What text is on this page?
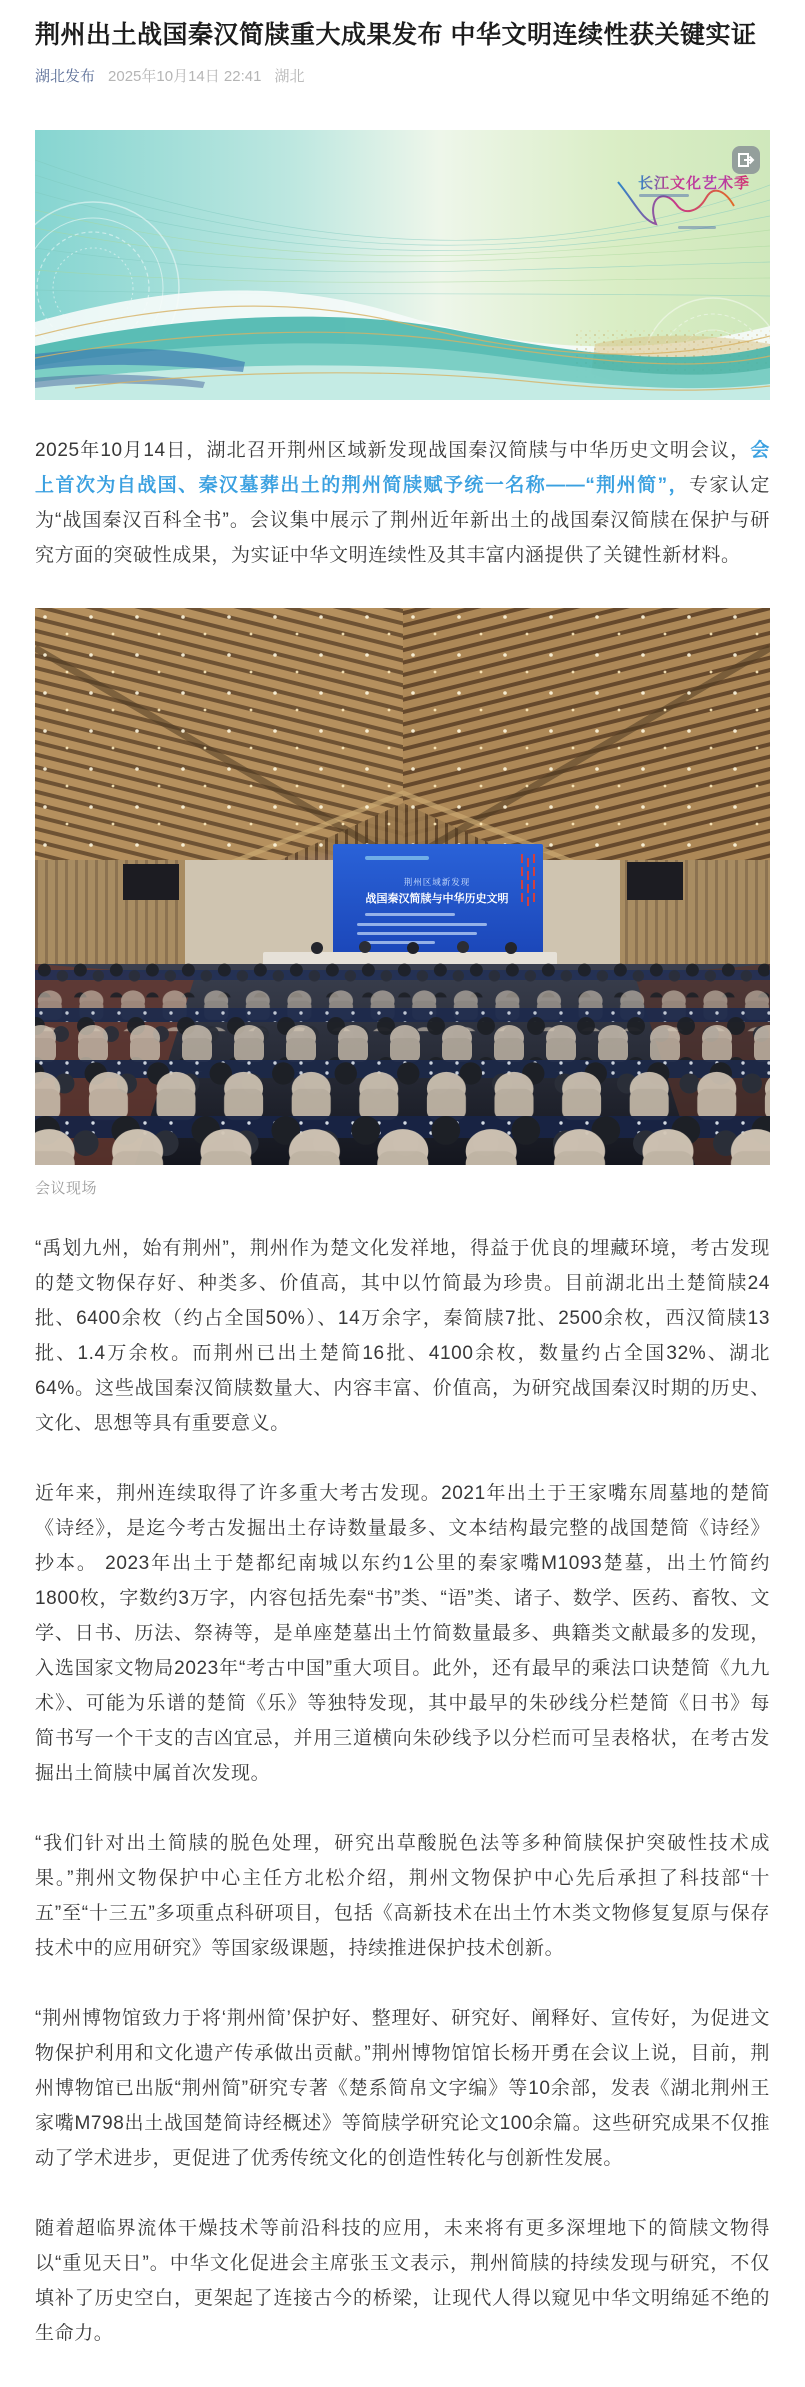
荆州出土战国秦汉简牍重大成果发布 中华文明连续性获关键实证
湖北发布 2025年10月14日 22:41 湖北
长江文化艺术季

2025年10月14日，湖北召开荆州区域新发现战国秦汉简牍与中华历史文明会议，会上首次为自战国、秦汉墓葬出土的荆州简牍赋予统一名称——“荆州简”，专家认定为“战国秦汉百科全书”。会议集中展示了荆州近年新出土的战国秦汉简牍在保护与研究方面的突破性成果，为实证中华文明连续性及其丰富内涵提供了关键性新材料。

荆州区域新发现
战国秦汉简牍与中华历史文明
会议现场

“禹划九州，始有荆州”，荆州作为楚文化发祥地，得益于优良的埋藏环境，考古发现的楚文物保存好、种类多、价值高，其中以竹简最为珍贵。目前湖北出土楚简牍24批、6400余枚（约占全国50%）、14万余字，秦简牍7批、2500余枚，西汉简牍13批、1.4万余枚。而荆州已出土楚简16批、4100余枚，数量约占全国32%、湖北64%。这些战国秦汉简牍数量大、内容丰富、价值高，为研究战国秦汉时期的历史、文化、思想等具有重要意义。

近年来，荆州连续取得了许多重大考古发现。2021年出土于王家嘴东周墓地的楚简《诗经》，是迄今考古发掘出土存诗数量最多、文本结构最完整的战国楚简《诗经》抄本。 2023年出土于楚都纪南城以东约1公里的秦家嘴M1093楚墓，出土竹简约1800枚，字数约3万字，内容包括先秦“书”类、“语”类、诸子、数学、医药、畜牧、文学、日书、历法、祭祷等，是单座楚墓出土竹简数量最多、典籍类文献最多的发现，入选国家文物局2023年“考古中国”重大项目。此外，还有最早的乘法口诀楚简《九九术》、可能为乐谱的楚简《乐》等独特发现，其中最早的朱砂线分栏楚简《日书》每简书写一个干支的吉凶宜忌，并用三道横向朱砂线予以分栏而可呈表格状，在考古发掘出土简牍中属首次发现。

“我们针对出土简牍的脱色处理，研究出草酸脱色法等多种简牍保护突破性技术成果。”荆州文物保护中心主任方北松介绍，荆州文物保护中心先后承担了科技部“十五”至“十三五”多项重点科研项目，包括《高新技术在出土竹木类文物修复复原与保存技术中的应用研究》等国家级课题，持续推进保护技术创新。

“荆州博物馆致力于将‘荆州简’保护好、整理好、研究好、阐释好、宣传好，为促进文物保护利用和文化遗产传承做出贡献。”荆州博物馆馆长杨开勇在会议上说，目前，荆州博物馆已出版“荆州简”研究专著《楚系简帛文字编》等10余部，发表《湖北荆州王家嘴M798出土战国楚简诗经概述》等简牍学研究论文100余篇。这些研究成果不仅推动了学术进步，更促进了优秀传统文化的创造性转化与创新性发展。

随着超临界流体干燥技术等前沿科技的应用，未来将有更多深埋地下的简牍文物得以“重见天日”。中华文化促进会主席张玉文表示，荆州简牍的持续发现与研究，不仅填补了历史空白，更架起了连接古今的桥梁，让现代人得以窥见中华文明绵延不绝的生命力。
